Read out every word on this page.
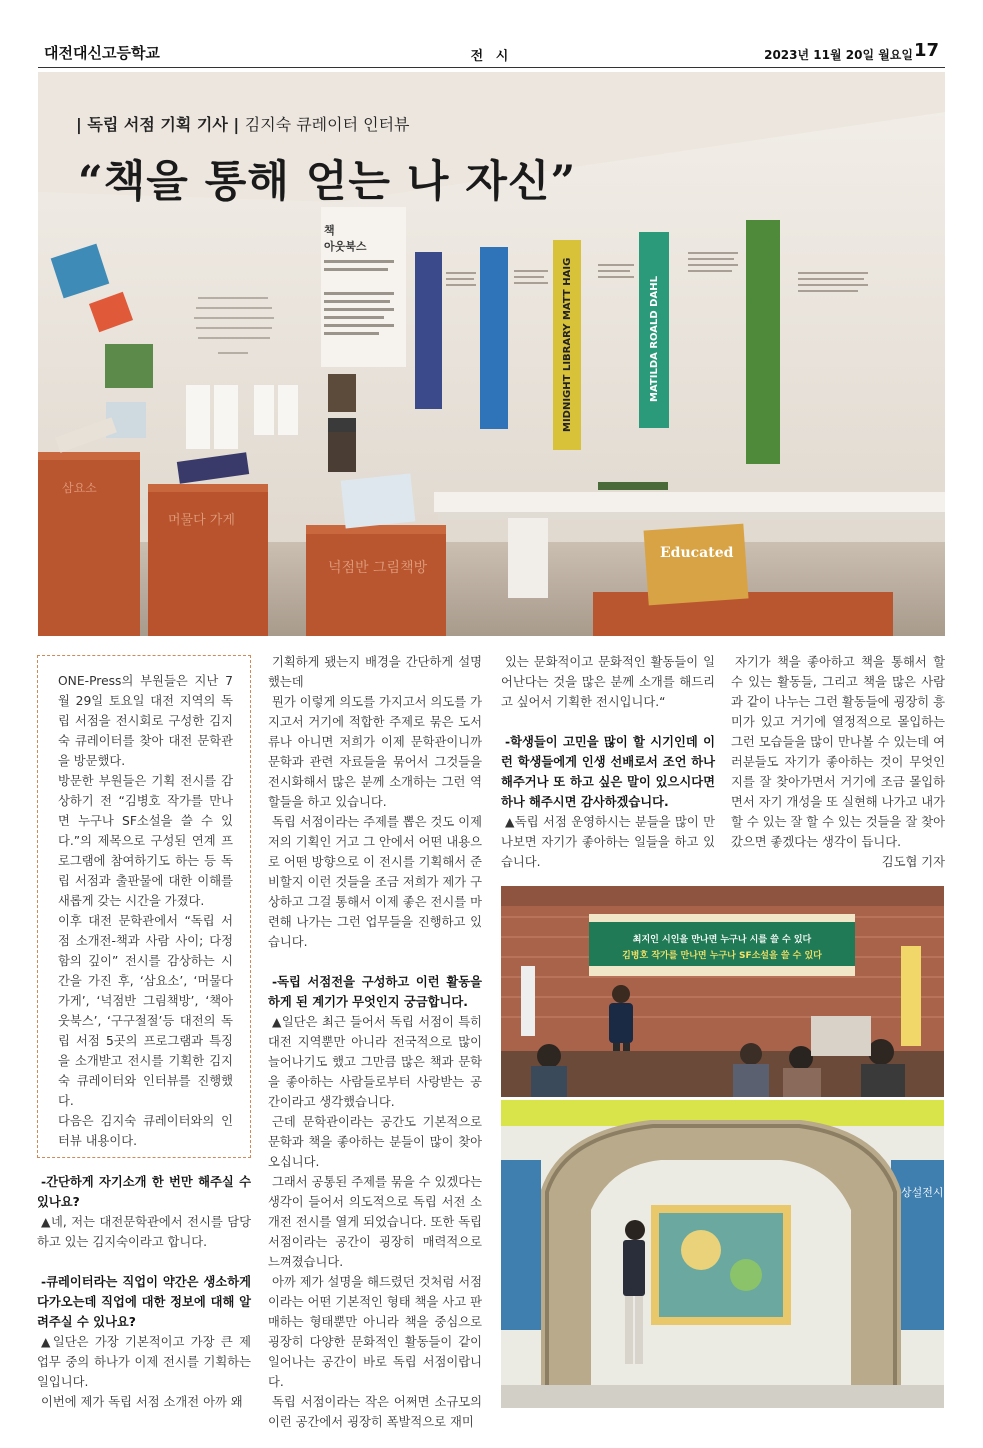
대전대신고등학교	전 시	2023년 11월 20일 월요일 17
책
아웃북스
MIDNIGHT LIBRARY MATT HAIG	MATILDA ROALD DAHL
삼요소
머물다 가게
넉점반 그림책방
Educated
| 독립 서점 기획 기사 | 김지숙 큐레이터 인터뷰
“책을 통해 얻는 나 자신”

ONE-Press의 부원들은 지난 7월 29일 토요일 대전 지역의 독립 서점을 전시회로 구성한 김지숙 큐레이터를 찾아 대전 문학관을 방문했다.

방문한 부원들은 기획 전시를 감상하기 전 “김병호 작가를 만나면 누구나 SF소설을 쓸 수 있다.”의 제목으로 구성된 연계 프로그램에 참여하기도 하는 등 독립 서점과 출판물에 대한 이해를 새롭게 갖는 시간을 가졌다.

이후 대전 문학관에서 “독립 서점 소개전-책과 사람 사이; 다정함의 깊이” 전시를 감상하는 시간을 가진 후, ‘삼요소’, ‘머물다 가게’, ‘넉점반 그림책방’, ‘책아웃북스’, ‘구구절절’등 대전의 독립 서점 5곳의 프로그램과 특징을 소개받고 전시를 기획한 김지숙 큐레이터와 인터뷰를 진행했다.

다음은 김지숙 큐레이터와의 인터뷰 내용이다.

-간단하게 자기소개 한 번만 해주실 수 있나요?

▲네, 저는 대전문학관에서 전시를 담당하고 있는 김지숙이라고 합니다.

-큐레이터라는 직업이 약간은 생소하게 다가오는데 직업에 대한 정보에 대해 알려주실 수 있나요?

▲일단은 가장 기본적이고 가장 큰 제 업무 중의 하나가 이제 전시를 기획하는 일입니다.

이번에 제가 독립 서점 소개전 아까 왜

기획하게 됐는지 배경을 간단하게 설명했는데

뭔가 이렇게 의도를 가지고서 의도를 가지고서 거기에 적합한 주제로 묶은 도서류나 아니면 저희가 이제 문학관이니까 문학과 관련 자료들을 묶어서 그것들을 전시화해서 많은 분께 소개하는 그런 역할들을 하고 있습니다.

독립 서점이라는 주제를 뽑은 것도 이제 저의 기획인 거고 그 안에서 어떤 내용으로 어떤 방향으로 이 전시를 기획해서 준비할지 이런 것들을 조금 저희가 제가 구상하고 그걸 통해서 이제 좋은 전시를 마련해 나가는 그런 업무들을 진행하고 있습니다.

-독립 서점전을 구성하고 이런 활동을 하게 된 계기가 무엇인지 궁금합니다.

▲일단은 최근 들어서 독립 서점이 특히 대전 지역뿐만 아니라 전국적으로 많이 늘어나기도 했고 그만큼 많은 책과 문학을 좋아하는 사람들로부터 사랑받는 공간이라고 생각했습니다.

근데 문학관이라는 공간도 기본적으로 문학과 책을 좋아하는 분들이 많이 찾아오십니다.

그래서 공통된 주제를 묶을 수 있겠다는 생각이 들어서 의도적으로 독립 서전 소개전 전시를 열게 되었습니다. 또한 독립 서점이라는 공간이 굉장히 매력적으로 느껴졌습니다.

아까 제가 설명을 해드렸던 것처럼 서점이라는 어떤 기본적인 형태 책을 사고 판매하는 형태뿐만 아니라 책을 중심으로 굉장히 다양한 문화적인 활동들이 같이 일어나는 공간이 바로 독립 서점이랍니다.

독립 서점이라는 작은 어쩌면 소규모의 이런 공간에서 굉장히 폭발적으로 재미

있는 문화적이고 문화적인 활동들이 일어난다는 것을 많은 분께 소개를 해드리고 싶어서 기획한 전시입니다.“

-학생들이 고민을 많이 할 시기인데 이런 학생들에게 인생 선배로서 조언 하나 해주거나 또 하고 싶은 말이 있으시다면 하나 해주시면 감사하겠습니다.

▲독립 서점 운영하시는 분들을 많이 만나보면 자기가 좋아하는 일들을 하고 있습니다.

자기가 책을 좋아하고 책을 통해서 할 수 있는 활동들, 그리고 책을 많은 사람과 같이 나누는 그런 활동들에 굉장히 흥미가 있고 거기에 열정적으로 몰입하는 그런 모습들을 많이 만나볼 수 있는데 여러분들도 자기가 좋아하는 것이 무엇인지를 잘 찾아가면서 거기에 조금 몰입하면서 자기 개성을 또 실현해 나가고 내가 할 수 있는 잘 할 수 있는 것들을 잘 찾아갔으면 좋겠다는 생각이 듭니다.

김도협 기자

최지인 시인을 만나면 누구나 시를 쓸 수 있다
김병호 작가를 만나면 누구나 SF소설을 쓸 수 있다
상설전시
